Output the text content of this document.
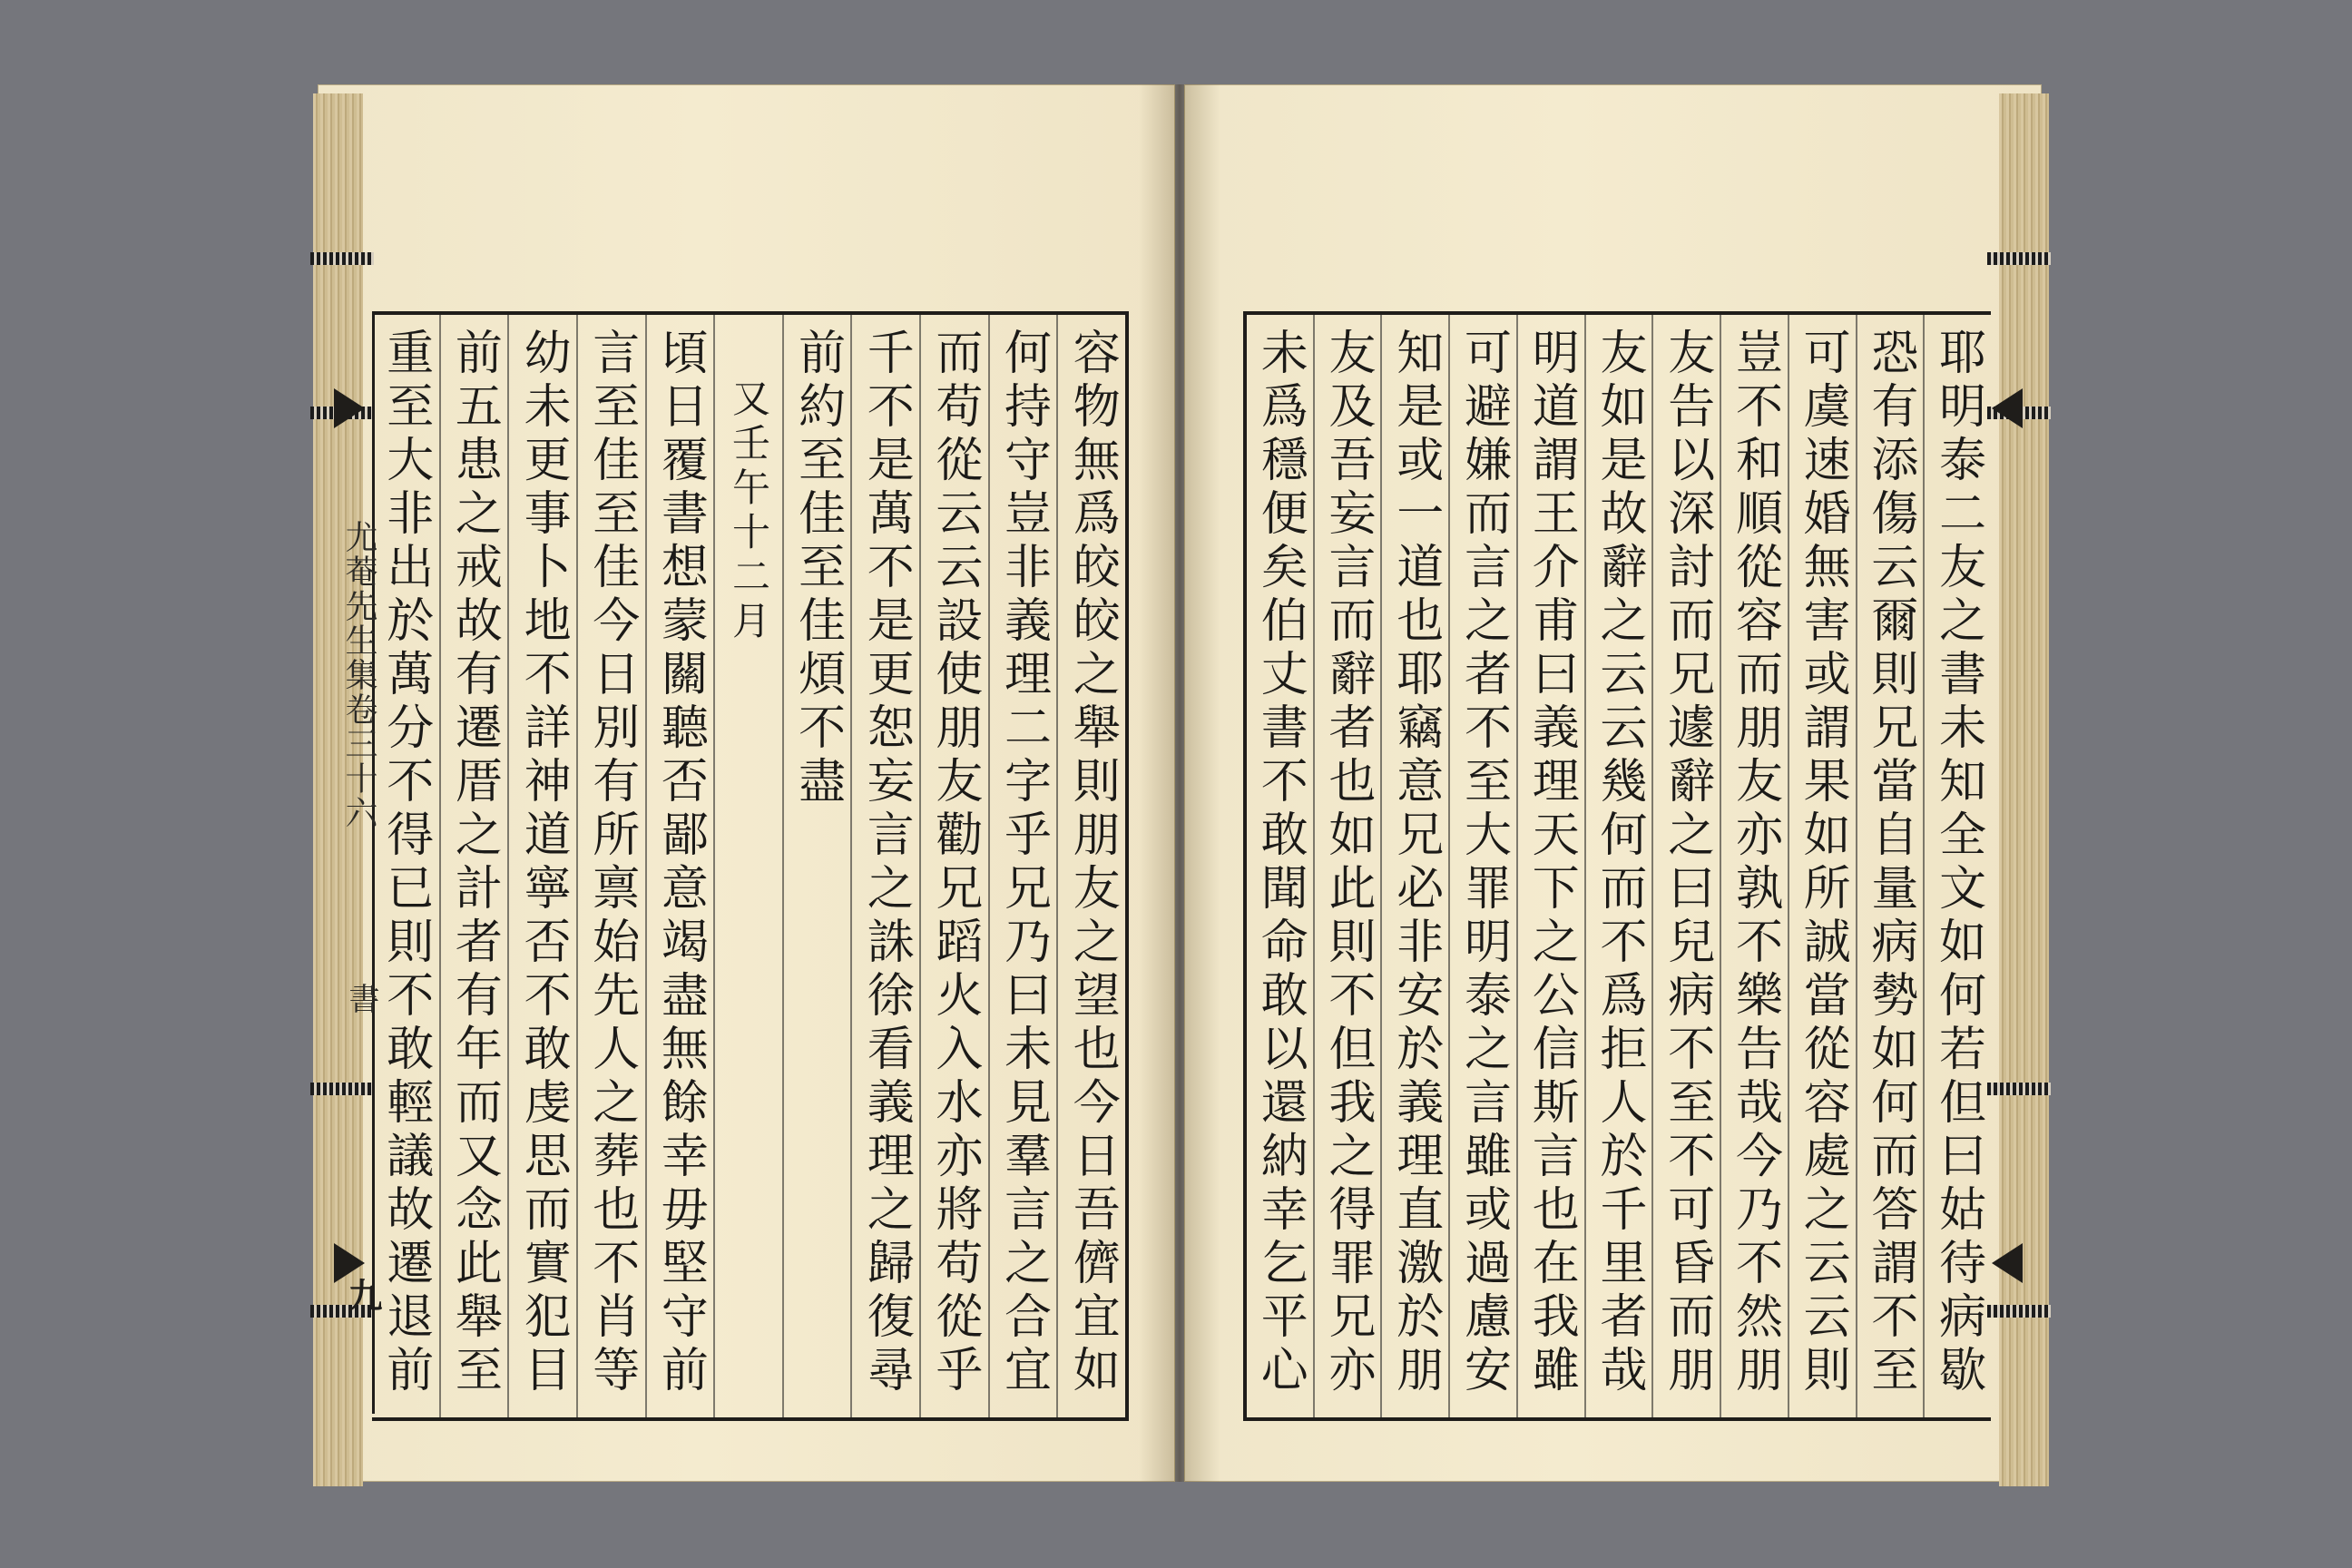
尤菴先生集卷三十六
書
九	容物無爲皎皎之舉則朋友之望也今日吾儕宜如
何持守豈非義理二字乎兄乃曰未見羣言之合宜
而苟從云云設使朋友勸兄蹈火入水亦將苟從乎
千不是萬不是更恕妄言之誅徐看義理之歸復尋
前約至佳至佳煩不盡
又壬午十二月
頃日覆書想蒙關聽否鄙意竭盡無餘幸毋堅守前
言至佳至佳今日別有所禀始先人之葬也不肖等
幼未更事卜地不詳神道寧否不敢虔思而實犯目
前五患之戒故有遷厝之計者有年而又念此舉至
重至大非出於萬分不得已則不敢輕議故遷退前	耶明泰二友之書未知全文如何若但曰姑待病歇
恐有添傷云爾則兄當自量病勢如何而答謂不至
可虞速婚無害或謂果如所誠當從容處之云云則
豈不和順從容而朋友亦孰不樂告哉今乃不然朋
友告以深討而兄遽辭之曰兒病不至不可昏而朋
友如是故辭之云云幾何而不爲拒人於千里者哉
明道謂王介甫曰義理天下之公信斯言也在我雖
可避嫌而言之者不至大罪明泰之言雖或過慮安
知是或一道也耶竊意兄必非安於義理直激於朋
友及吾妄言而辭者也如此則不但我之得罪兄亦
未爲穩便矣伯丈書不敢聞命敢以還納幸乞平心
